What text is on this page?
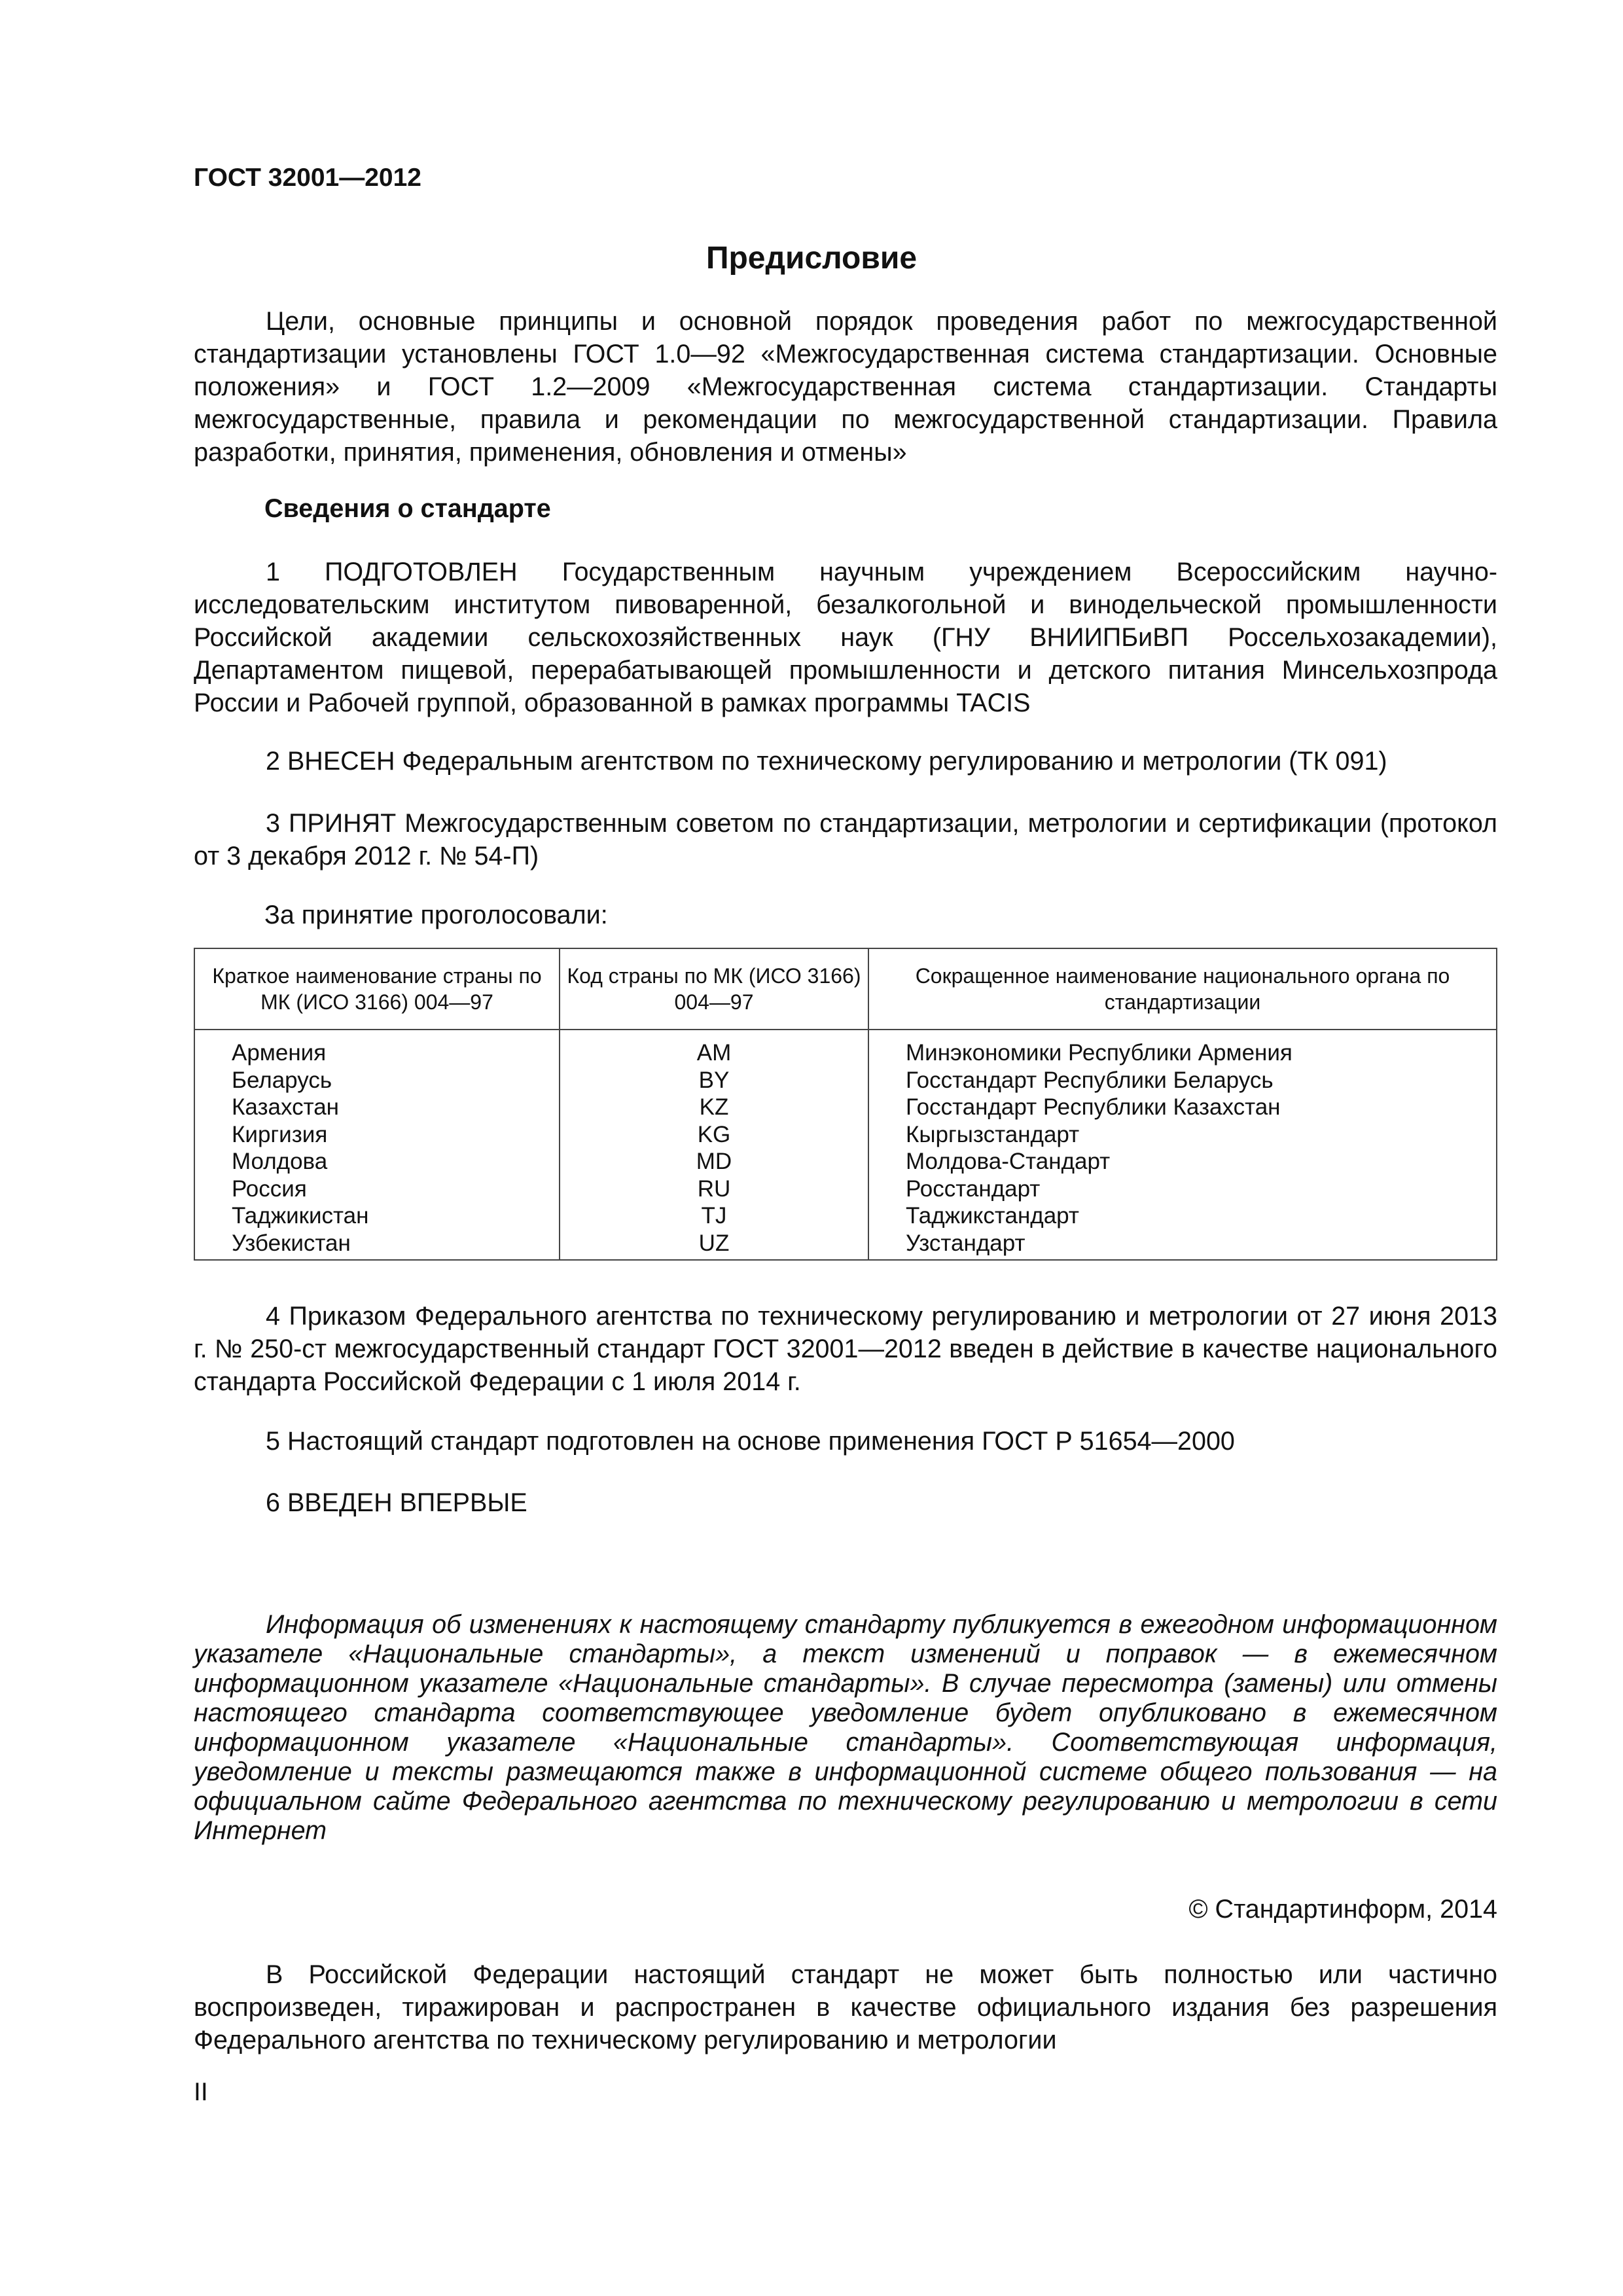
ГОСТ 32001—2012

Предисловие

Цели, основные принципы и основной порядок проведения работ по межгосударственной стандартизации установлены ГОСТ 1.0—92 «Межгосударственная система стандартизации. Основные положения» и ГОСТ 1.2—2009 «Межгосударственная система стандартизации. Стандарты межгосударственные, правила и рекомендации по межгосударственной стандартизации. Правила разработки, принятия, применения, обновления и отмены»

Сведения о стандарте

1 ПОДГОТОВЛЕН Государственным научным учреждением Всероссийским научно-исследовательским институтом пивоваренной, безалкогольной и винодельческой промышленности Российской академии сельскохозяйственных наук (ГНУ ВНИИПБиВП Россельхозакадемии), Департаментом пищевой, перерабатывающей промышленности и детского питания Минсельхозпрода России и Рабочей группой, образованной в рамках программы TACIS

2 ВНЕСЕН Федеральным агентством по техническому регулированию и метрологии (ТК 091)

3 ПРИНЯТ Межгосударственным советом по стандартизации, метрологии и сертификации (протокол от 3 декабря 2012 г. № 54-П)

За принятие проголосовали:

Краткое наименование страны по МК (ИСО 3166) 004—97	Код страны по МК (ИСО 3166) 004—97	Сокращенное наименование национального органа по стандартизации
Армения	AM	Минэкономики Республики Армения
Беларусь	BY	Госстандарт Республики Беларусь
Казахстан	KZ	Госстандарт Республики Казахстан
Киргизия	KG	Кыргызстандарт
Молдова	MD	Молдова-Стандарт
Россия	RU	Росстандарт
Таджикистан	TJ	Таджикстандарт
Узбекистан	UZ	Узстандарт

4 Приказом Федерального агентства по техническому регулированию и метрологии от 27 июня 2013 г. № 250-ст межгосударственный стандарт ГОСТ 32001—2012 введен в действие в качестве национального стандарта Российской Федерации с 1 июля 2014 г.

5 Настоящий стандарт подготовлен на основе применения ГОСТ Р 51654—2000

6 ВВЕДЕН ВПЕРВЫЕ

Информация об изменениях к настоящему стандарту публикуется в ежегодном информационном указателе «Национальные стандарты», а текст изменений и поправок — в ежемесячном информационном указателе «Национальные стандарты». В случае пересмотра (замены) или отмены настоящего стандарта соответствующее уведомление будет опубликовано в ежемесячном информационном указателе «Национальные стандарты». Соответствующая информация, уведомление и тексты размещаются также в информационной системе общего пользования — на официальном сайте Федерального агентства по техническому регулированию и метрологии в сети Интернет

© Стандартинформ, 2014

В Российской Федерации настоящий стандарт не может быть полностью или частично воспроизведен, тиражирован и распространен в качестве официального издания без разрешения Федерального агентства по техническому регулированию и метрологии

II
